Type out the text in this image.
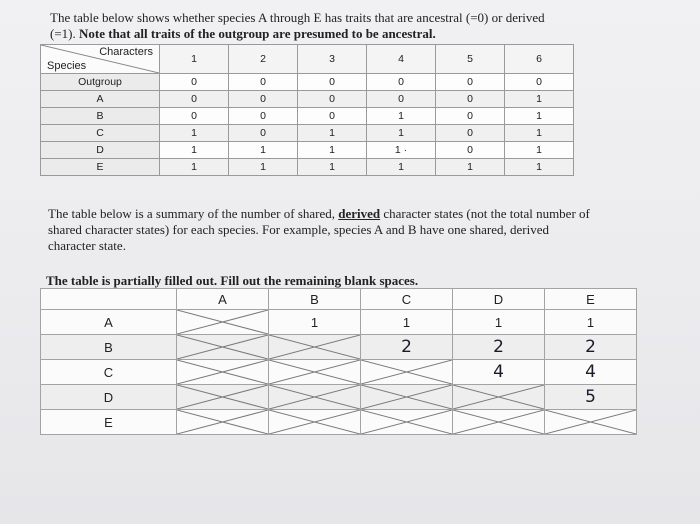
The table below shows whether species A through E has traits that are ancestral (=0) or derived
(=1). Note that all traits of the outgroup are presumed to be ancestral.
Characters
Species	1	2	3	4	5	6
Outgroup	0	0	0	0	0	0
A	0	0	0	0	0	1
B	0	0	0	1	0	1
C	1	0	1	1	0	1
D	1	1	1	1 ·	0	1
E	1	1	1	1	1	1
The table below is a summary of the number of shared, derived character states (not the total number of shared character states) for each species. For example, species A and B have one shared, derived character state.
The table is partially filled out. Fill out the remaining blank spaces.
	A	B	C	D	E
A		1	1	1	1
B			2	2	2
C				4	4
D					5
E	
